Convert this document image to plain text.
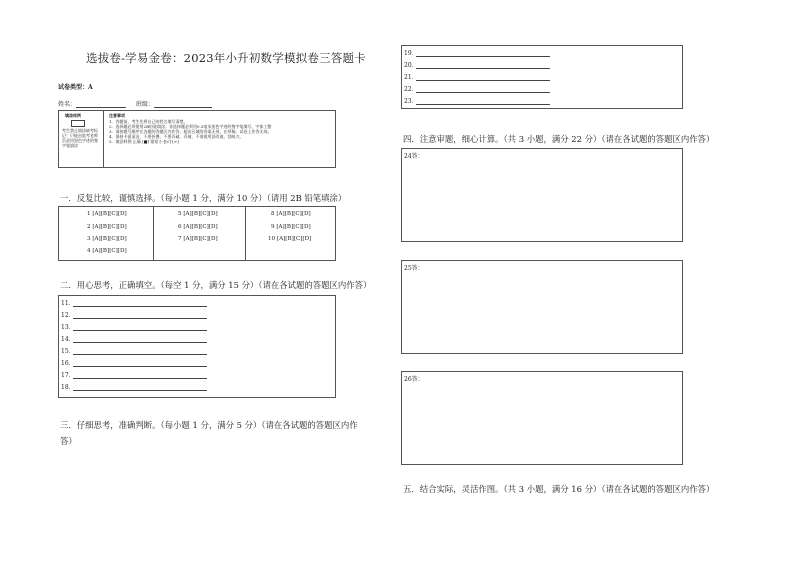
选拔卷-学易金卷：2023年小升初数学模拟卷三答题卡
试卷类型：A
姓名：	班级：
填涂样例
考生禁止填涂缺考标记！只能由监考老师负责用黑色字迹的签字笔填涂
注意事项
1．答题前，考生先将自己的姓名填写清楚。
2．选择题必须使用2B铅笔填涂；非选择题必须用0.5毫米黑色字迹的签字笔填写，字体工整
3．请按题号顺序在各题的答题区内作答，超出区域的答案无效，在草稿、试卷上作答无效。
4．保持卡面清洁，不要折叠、不要弄破、弄皱，不准使用涂改液、刮纸刀。
5．填涂样例 正确 [■] 错误 [--][√] [×]
一．反复比较，谨慎选择。（每小题 1 分，满分 10 分）（请用 2B 铅笔填涂）
1 [A][B][C][D]
2 [A][B][C][D]
3 [A][B][C][D]
4 [A][B][C][D]
5 [A][B][C][D]
6 [A][B][C][D]
7 [A][B][C][D]
8 [A][B][C][D]
9 [A][B][C][D]
10 [A][B][C][D]
二．用心思考，正确填空。（每空 1 分，满分 15 分）（请在各试题的答题区内作答）
11．
12．
13．
14．
15．
16．
17．
18．
三．仔细思考，准确判断。（每小题 1 分，满分 5 分）（请在各试题的答题区内作
答）
19．
20．
21．
22．
23．
四．注意审题，细心计算。（共 3 小题，满分 22 分）（请在各试题的答题区内作答）
24答：
25答：
26答：
五．结合实际，灵活作图。（共 3 小题，满分 16 分）（请在各试题的答题区内作答）
